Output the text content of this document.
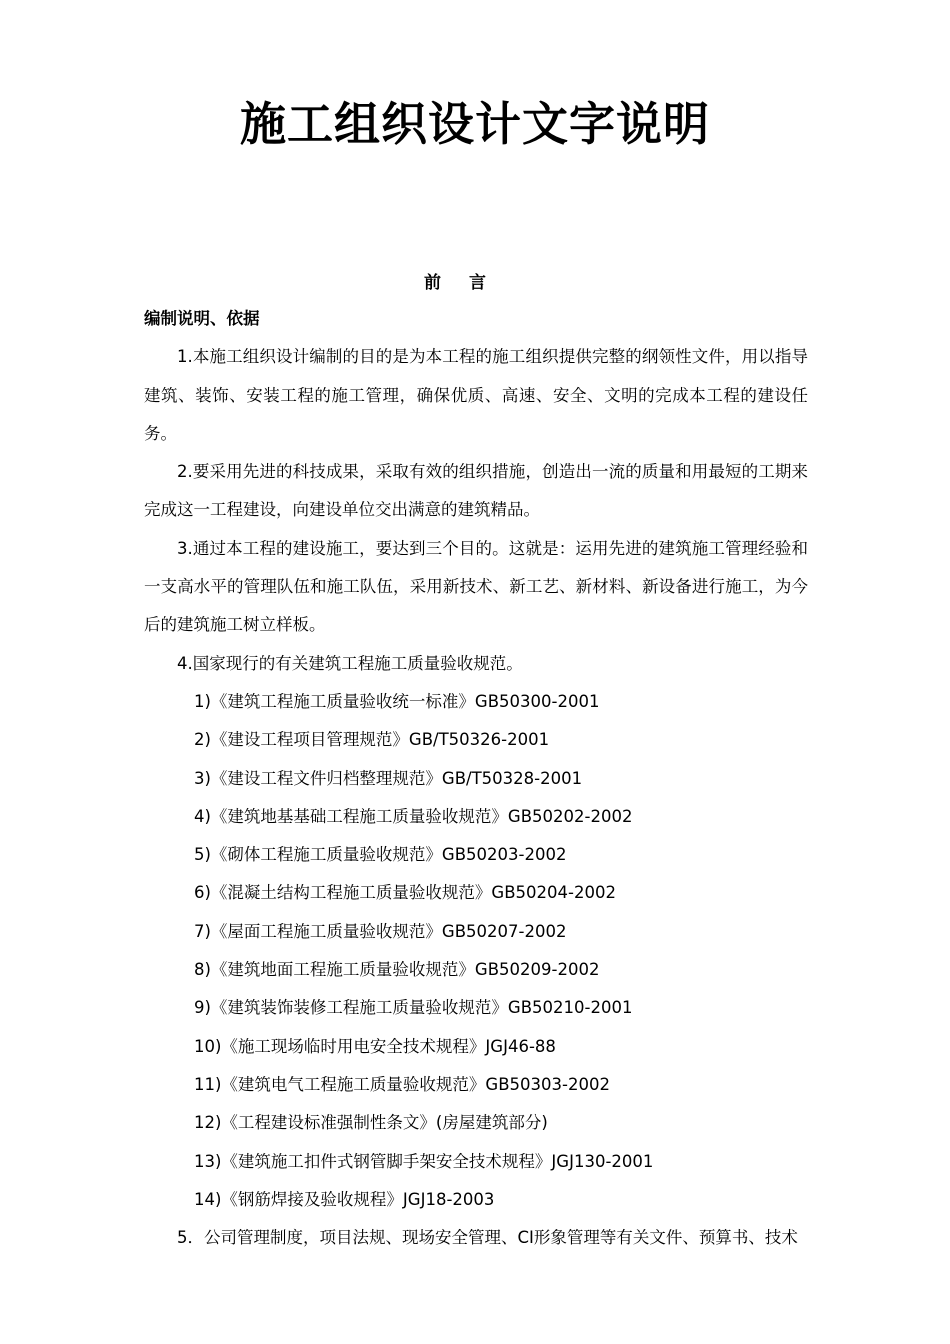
施工组织设计文字说明
前 言

编制说明、依据

1.本施工组织设计编制的目的是为本工程的施工组织提供完整的纲领性文件，用以指导建筑、装饰、安装工程的施工管理，确保优质、高速、安全、文明的完成本工程的建设任务。

2.要采用先进的科技成果，采取有效的组织措施，创造出一流的质量和用最短的工期来完成这一工程建设，向建设单位交出满意的建筑精品。

3.通过本工程的建设施工，要达到三个目的。这就是：运用先进的建筑施工管理经验和一支高水平的管理队伍和施工队伍，采用新技术、新工艺、新材料、新设备进行施工，为今后的建筑施工树立样板。

4.国家现行的有关建筑工程施工质量验收规范。

1)《建筑工程施工质量验收统一标准》GB50300-2001

2)《建设工程项目管理规范》GB/T50326-2001

3)《建设工程文件归档整理规范》GB/T50328-2001

4)《建筑地基基础工程施工质量验收规范》GB50202-2002

5)《砌体工程施工质量验收规范》GB50203-2002

6)《混凝土结构工程施工质量验收规范》GB50204-2002

7)《屋面工程施工质量验收规范》GB50207-2002

8)《建筑地面工程施工质量验收规范》GB50209-2002

9)《建筑装饰装修工程施工质量验收规范》GB50210-2001

10)《施工现场临时用电安全技术规程》JGJ46-88

11)《建筑电气工程施工质量验收规范》GB50303-2002

12)《工程建设标准强制性条文》(房屋建筑部分)

13)《建筑施工扣件式钢管脚手架安全技术规程》JGJ130-2001

14)《钢筋焊接及验收规程》JGJ18-2003

5．公司管理制度，项目法规、现场安全管理、CI形象管理等有关文件、预算书、技术
